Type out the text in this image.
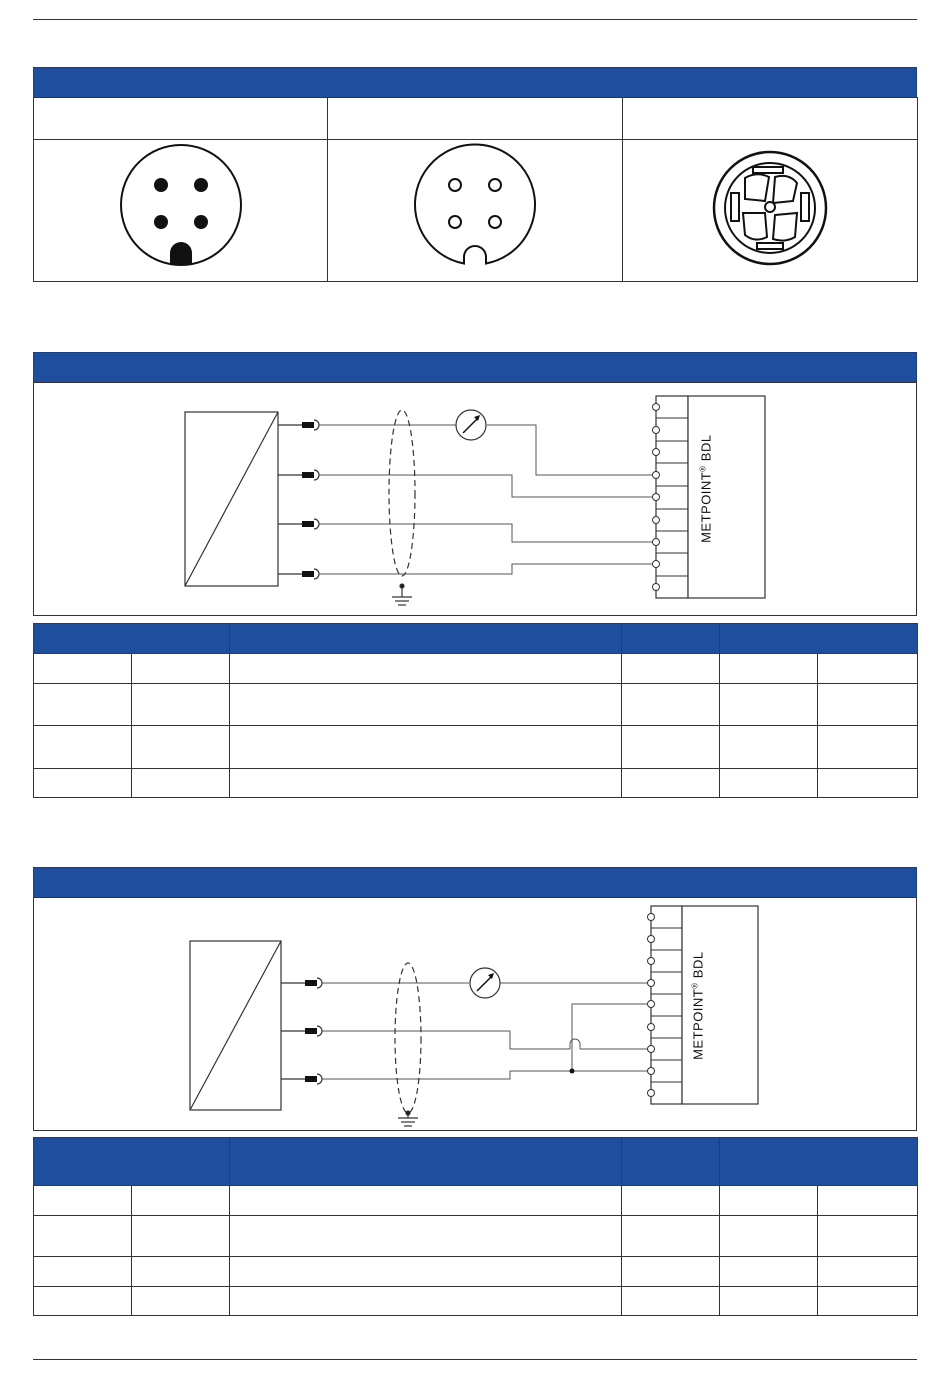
METPOINT® BDL

METPOINT® BDL
